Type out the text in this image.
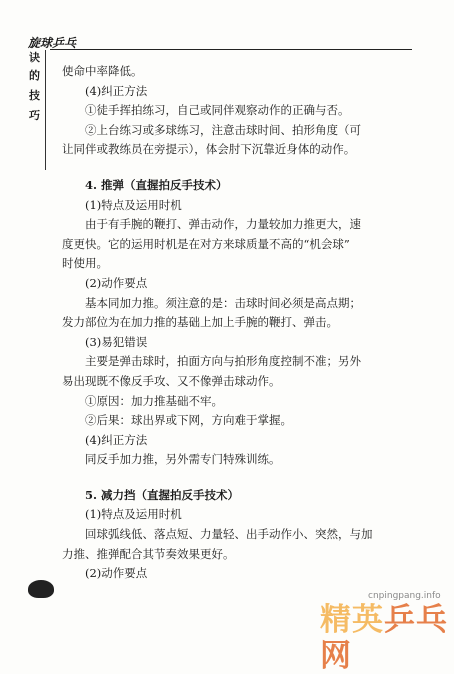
旋球乒乓
诀
的
技
巧

使命中率降低。

(4)纠正方法

①徒手挥拍练习，自己或同伴观察动作的正确与否。

②上台练习或多球练习，注意击球时间、拍形角度（可

让同伴或教练员在旁提示），体会肘下沉靠近身体的动作。

4. 推弹（直握拍反手技术）

(1)特点及运用时机

由于有手腕的鞭打、弹击动作，力量较加力推更大，速

度更快。它的运用时机是在对方来球质量不高的“机会球”

时使用。

(2)动作要点

基本同加力推。须注意的是：击球时间必须是高点期；

发力部位为在加力推的基础上加上手腕的鞭打、弹击。

(3)易犯错误

主要是弹击球时，拍面方向与拍形角度控制不准；另外

易出现既不像反手攻、又不像弹击球动作。

①原因：加力推基础不牢。

②后果：球出界或下网，方向难于掌握。

(4)纠正方法

同反手加力推，另外需专门特殊训练。

5. 减力挡（直握拍反手技术）

(1)特点及运用时机

回球弧线低、落点短、力量轻、出手动作小、突然，与加

力推、推弹配合其节奏效果更好。

(2)动作要点

cnpingpang.info
精英乒乓网
